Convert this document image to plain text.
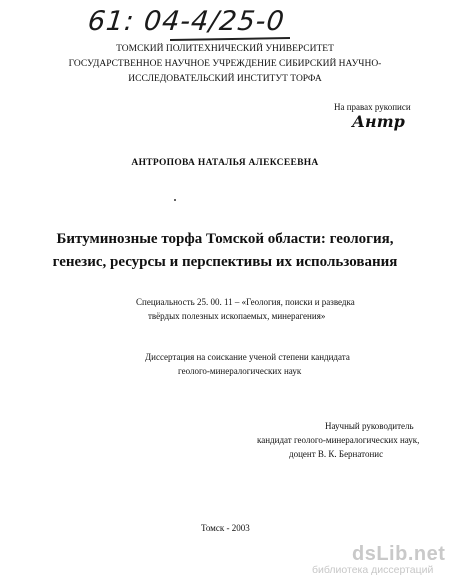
61: 04-4/25-0
ТОМСКИЙ ПОЛИТЕХНИЧЕСКИЙ УНИВЕРСИТЕТ
ГОСУДАРСТВЕННОЕ НАУЧНОЕ УЧРЕЖДЕНИЕ СИБИРСКИЙ НАУЧНО-
ИССЛЕДОВАТЕЛЬСКИЙ ИНСТИТУТ ТОРФА
На правах рукописи
Антр
АНТРОПОВА НАТАЛЬЯ АЛЕКСЕЕВНА
Битуминозные торфа Томской области: геология,
генезис, ресурсы и перспективы их использования
Специальность 25. 00. 11 – «Геология, поиски и разведка
твёрдых полезных ископаемых, минерагения»
Диссертация на соискание ученой степени кандидата
геолого-минералогических наук
Научный руководитель
кандидат геолого-минералогических наук,
доцент В. К. Бернатонис
Томск - 2003
dsLib.net
библиотека диссертаций
